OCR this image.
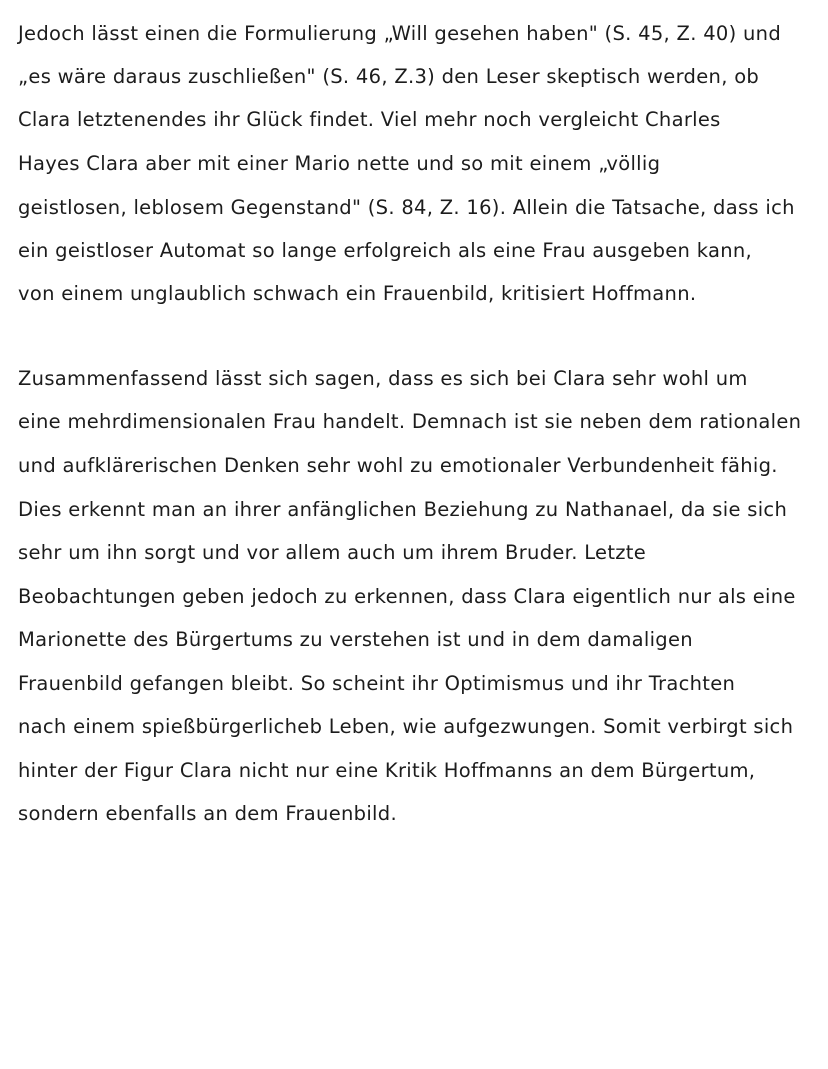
Jedoch lässt einen die Formulierung „Will gesehen haben" (S. 45, Z. 40) und
„es wäre daraus zuschließen" (S. 46, Z.3) den Leser skeptisch werden, ob
Clara letztenendes ihr Glück findet. Viel mehr noch vergleicht Charles
Hayes Clara aber mit einer Mario nette und so mit einem „völlig
geistlosen, leblosem Gegenstand" (S. 84, Z. 16). Allein die Tatsache, dass ich
ein geistloser Automat so lange erfolgreich als eine Frau ausgeben kann,
von einem unglaublich schwach ein Frauenbild, kritisiert Hoffmann.
Zusammenfassend lässt sich sagen, dass es sich bei Clara sehr wohl um
eine mehrdimensionalen Frau handelt. Demnach ist sie neben dem rationalen
und aufklärerischen Denken sehr wohl zu emotionaler Verbundenheit fähig.
Dies erkennt man an ihrer anfänglichen Beziehung zu Nathanael, da sie sich
sehr um ihn sorgt und vor allem auch um ihrem Bruder. Letzte
Beobachtungen geben jedoch zu erkennen, dass Clara eigentlich nur als eine
Marionette des Bürgertums zu verstehen ist und in dem damaligen
Frauenbild gefangen bleibt. So scheint ihr Optimismus und ihr Trachten
nach einem spießbürgerlicheb Leben, wie aufgezwungen. Somit verbirgt sich
hinter der Figur Clara nicht nur eine Kritik Hoffmanns an dem Bürgertum,
sondern ebenfalls an dem Frauenbild.
